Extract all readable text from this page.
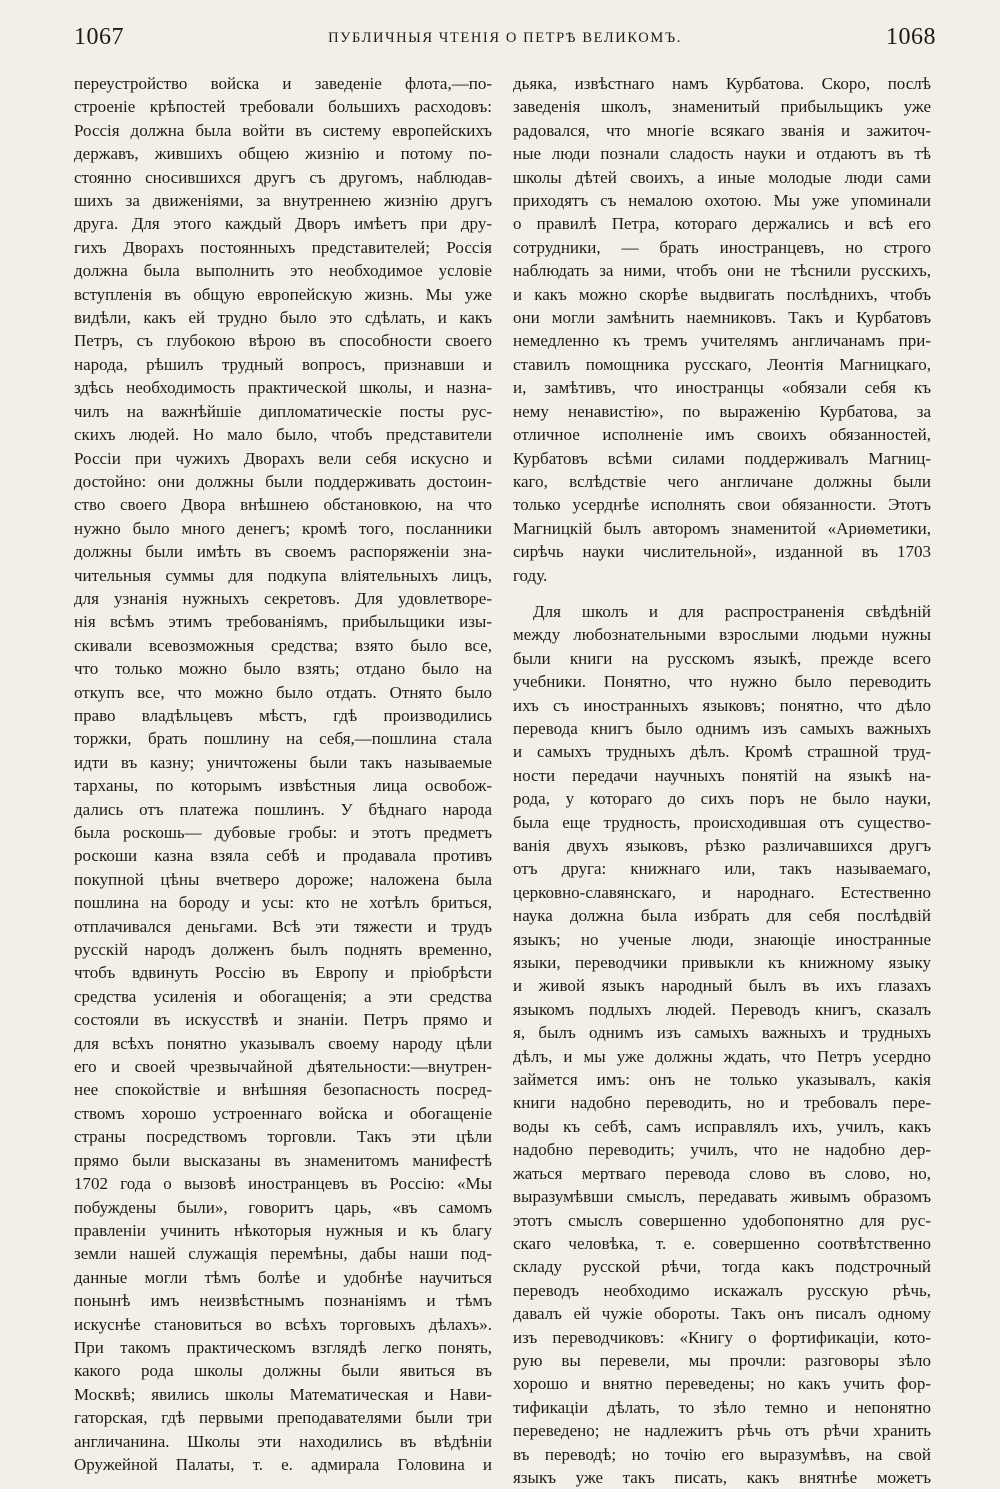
1067	ПУБЛИЧНЫЯ ЧТЕНІЯ О ПЕТРѢ ВЕЛИКОМЪ.	1068
переустройство войска и заведеніе флота,—по-
строеніе крѣпостей требовали большихъ расходовъ:
Россія должна была войти въ систему европейскихъ
державъ, жившихъ общею жизнію и потому по-
стоянно сносившихся другъ съ другомъ, наблюдав-
шихъ за движеніями, за внутреннею жизнію другъ
друга. Для этого каждый Дворъ имѣетъ при дру-
гихъ Дворахъ постоянныхъ представителей; Россія
должна была выполнить это необходимое условіе
вступленія въ общую европейскую жизнь. Мы уже
видѣли, какъ ей трудно было это сдѣлать, и какъ
Петръ, съ глубокою вѣрою въ способности своего
народа, рѣшилъ трудный вопросъ, признавши и
здѣсь необходимость практической школы, и назна-
чилъ на важнѣйшіе дипломатическіе посты рус-
скихъ людей. Но мало было, чтобъ представители
Россіи при чужихъ Дворахъ вели себя искусно и
достойно: они должны были поддерживать достоин-
ство своего Двора внѣшнею обстановкою, на что
нужно было много денегъ; кромѣ того, посланники
должны были имѣть въ своемъ распоряженіи зна-
чительныя суммы для подкупа вліятельныхъ лицъ,
для узнанія нужныхъ секретовъ. Для удовлетворе-
нія всѣмъ этимъ требованіямъ, прибыльщики изы-
скивали всевозможныя средства; взято было все,
что только можно было взять; отдано было на
откупъ все, что можно было отдать. Отнято было
право владѣльцевъ мѣстъ, гдѣ производились
торжки, брать пошлину на себя,—пошлина стала
идти въ казну; уничтожены были такъ называемые
тарханы, по которымъ извѣстныя лица освобож-
дались отъ платежа пошлинъ. У бѣднаго народа
была роскошь— дубовые гробы: и этотъ предметъ
роскоши казна взяла себѣ и продавала противъ
покупной цѣны вчетверо дороже; наложена была
пошлина на бороду и усы: кто не хотѣлъ бриться,
отплачивался деньгами. Всѣ эти тяжести и трудъ
русскій народъ долженъ былъ поднять временно,
чтобъ вдвинуть Россію въ Европу и пріобрѣсти
средства усиленія и обогащенія; а эти средства
состояли въ искусствѣ и знаніи. Петръ прямо и
для всѣхъ понятно указывалъ своему народу цѣли
его и своей чрезвычайной дѣятельности:—внутрен-
нее спокойствіе и внѣшняя безопасность посред-
ствомъ хорошо устроеннаго войска и обогащеніе
страны посредствомъ торговли. Такъ эти цѣли
прямо были высказаны въ знаменитомъ манифестѣ
1702 года о вызовѣ иностранцевъ въ Россію: «Мы
побуждены были», говоритъ царь, «въ самомъ
правленіи учинить нѣкоторыя нужныя и къ благу
земли нашей служащія перемѣны, дабы наши под-
данные могли тѣмъ болѣе и удобнѣе научиться
понынѣ имъ неизвѣстнымъ познаніямъ и тѣмъ
искуснѣе становиться во всѣхъ торговыхъ дѣлахъ».
При такомъ практическомъ взглядѣ легко понять,
какого рода школы должны были явиться въ
Москвѣ; явились школы Математическая и Нави-
гаторская, гдѣ первыми преподавателями были три
англичанина. Школы эти находились въ вѣдѣніи
Оружейной Палаты, т. е. адмирала Головина и
дьяка, извѣстнаго намъ Курбатова. Скоро, послѣ
заведенія школъ, знаменитый прибыльщикъ уже
радовался, что многіе всякаго званія и зажиточ-
ные люди познали сладость науки и отдаютъ въ тѣ
школы дѣтей своихъ, а иные молодые люди сами
приходятъ съ немалою охотою. Мы уже упоминали
о правилѣ Петра, котораго держались и всѣ его
сотрудники, — брать иностранцевъ, но строго
наблюдать за ними, чтобъ они не тѣснили русскихъ,
и какъ можно скорѣе выдвигать послѣднихъ, чтобъ
они могли замѣнить наемниковъ. Такъ и Курбатовъ
немедленно къ тремъ учителямъ англичанамъ при-
ставилъ помощника русскаго, Леонтія Магницкаго,
и, замѣтивъ, что иностранцы «обязали себя къ
нему ненавистію», по выраженію Курбатова, за
отличное исполненіе имъ своихъ обязанностей,
Курбатовъ всѣми силами поддерживалъ Магниц-
каго, вслѣдствіе чего англичане должны были
только усерднѣе исполнять свои обязанности. Этотъ
Магницкій былъ авторомъ знаменитой «Ариѳметики,
сирѣчь науки числительной», изданной въ 1703
году.
Для школъ и для распространенія свѣдѣній
между любознательными взрослыми людьми нужны
были книги на русскомъ языкѣ, прежде всего
учебники. Понятно, что нужно было переводить
ихъ съ иностранныхъ языковъ; понятно, что дѣло
перевода книгъ было однимъ изъ самыхъ важныхъ
и самыхъ трудныхъ дѣлъ. Кромѣ страшной труд-
ности передачи научныхъ понятій на языкѣ на-
рода, у котораго до сихъ поръ не было науки,
была еще трудность, происходившая отъ существо-
ванія двухъ языковъ, рѣзко различавшихся другъ
отъ друга: книжнаго или, такъ называемаго,
церковно-славянскаго, и народнаго. Естественно
наука должна была избрать для себя послѣдвій
языкъ; но ученые люди, знающіе иностранные
языки, переводчики привыкли къ книжному языку
и живой языкъ народный былъ въ ихъ глазахъ
языкомъ подлыхъ людей. Переводъ книгъ, сказалъ
я, былъ однимъ изъ самыхъ важныхъ и трудныхъ
дѣлъ, и мы уже должны ждать, что Петръ усердно
займется имъ: онъ не только указывалъ, какія
книги надобно переводить, но и требовалъ пере-
воды къ себѣ, самъ исправлялъ ихъ, училъ, какъ
надобно переводить; училъ, что не надобно дер-
жаться мертваго перевода слово въ слово, но,
выразумѣвши смыслъ, передавать живымъ образомъ
этотъ смыслъ совершенно удобопонятно для рус-
скаго человѣка, т. е. совершенно соотвѣтственно
складу русской рѣчи, тогда какъ подстрочный
переводъ необходимо искажалъ русскую рѣчь,
давалъ ей чужіе обороты. Такъ онъ писалъ одному
изъ переводчиковъ: «Книгу о фортификаціи, кото-
рую вы перевели, мы прочли: разговоры зѣло
хорошо и внятно переведены; но какъ учить фор-
тификаціи дѣлать, то зѣло темно и непонятно
переведено; не надлежитъ рѣчь отъ рѣчи хранить
въ переводѣ; но точію его выразумѣвъ, на свой
языкъ уже такъ писать, какъ внятнѣе можетъ
